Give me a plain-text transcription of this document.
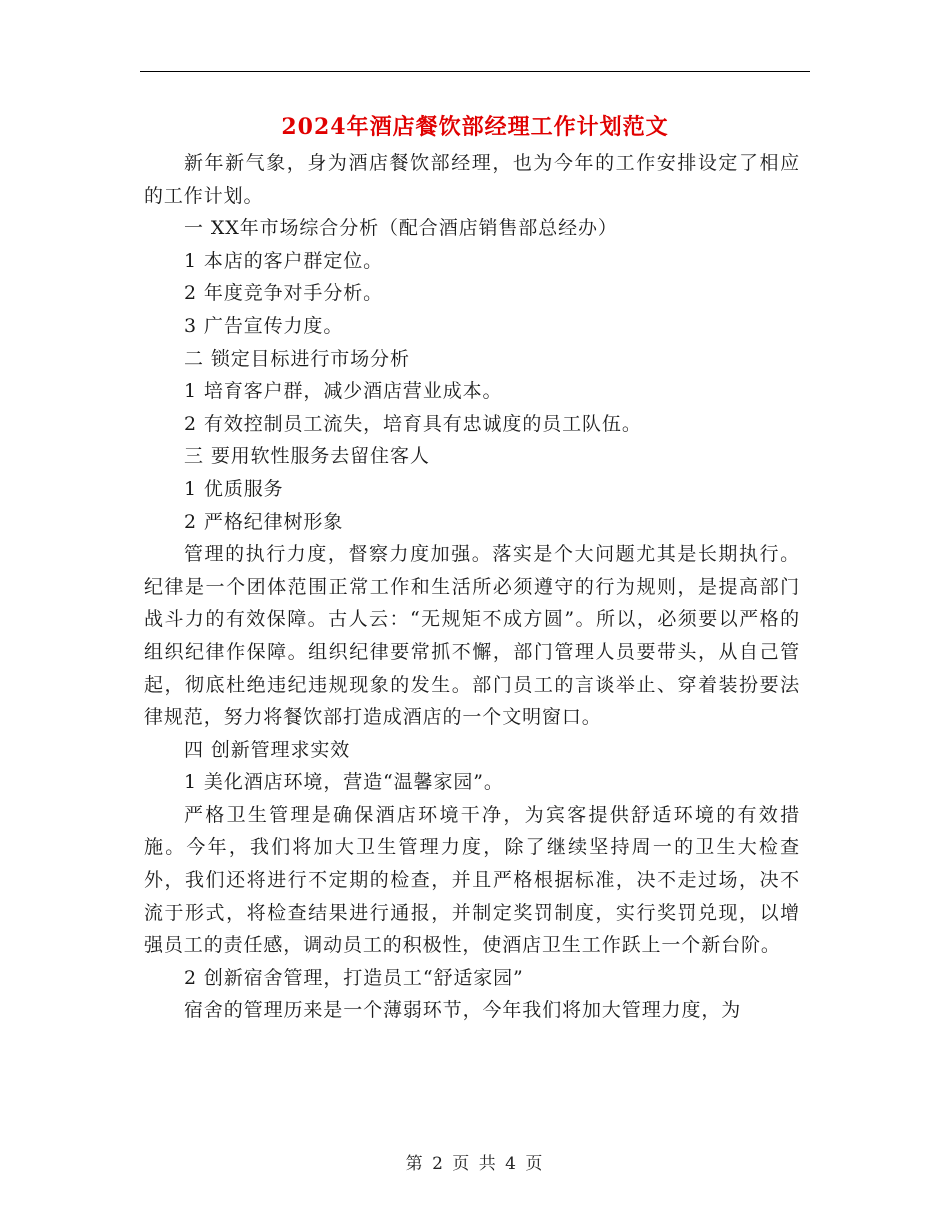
2024年酒店餐饮部经理工作计划范文

新年新气象，身为酒店餐饮部经理，也为今年的工作安排设定了相应的工作计划。

一 XX年市场综合分析（配合酒店销售部总经办）

1 本店的客户群定位。

2 年度竞争对手分析。

3 广告宣传力度。

二 锁定目标进行市场分析

1 培育客户群，减少酒店营业成本。

2 有效控制员工流失，培育具有忠诚度的员工队伍。

三 要用软性服务去留住客人

1 优质服务

2 严格纪律树形象

管理的执行力度，督察力度加强。落实是个大问题尤其是长期执行。纪律是一个团体范围正常工作和生活所必须遵守的行为规则，是提高部门战斗力的有效保障。古人云：“无规矩不成方圆”。所以，必须要以严格的组织纪律作保障。组织纪律要常抓不懈，部门管理人员要带头，从自己管起，彻底杜绝违纪违规现象的发生。部门员工的言谈举止、穿着装扮要法律规范，努力将餐饮部打造成酒店的一个文明窗口。

四 创新管理求实效

1 美化酒店环境，营造“温馨家园”。

严格卫生管理是确保酒店环境干净，为宾客提供舒适环境的有效措施。今年，我们将加大卫生管理力度，除了继续坚持周一的卫生大检查外，我们还将进行不定期的检查，并且严格根据标准，决不走过场，决不流于形式，将检查结果进行通报，并制定奖罚制度，实行奖罚兑现，以增强员工的责任感，调动员工的积极性，使酒店卫生工作跃上一个新台阶。

2 创新宿舍管理，打造员工“舒适家园”

宿舍的管理历来是一个薄弱环节，今年我们将加大管理力度，为

第 2 页 共 4 页
